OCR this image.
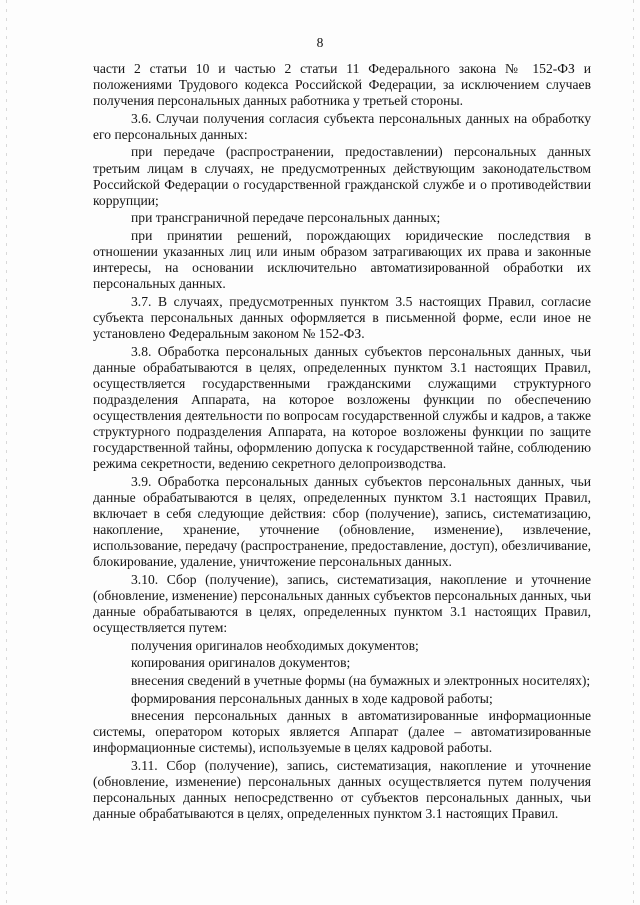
8

части 2 статьи 10 и частью 2 статьи 11 Федерального закона № 152-ФЗ и положениями Трудового кодекса Российской Федерации, за исключением случаев получения персональных данных работника у третьей стороны.

3.6. Случаи получения согласия субъекта персональных данных на обработку его персональных данных:

при передаче (распространении, предоставлении) персональных данных третьим лицам в случаях, не предусмотренных действующим законодательством Российской Федерации о государственной гражданской службе и о противодействии коррупции;

при трансграничной передаче персональных данных;

при принятии решений, порождающих юридические последствия в отношении указанных лиц или иным образом затрагивающих их права и законные интересы, на основании исключительно автоматизированной обработки их персональных данных.

3.7. В случаях, предусмотренных пунктом 3.5 настоящих Правил, согласие субъекта персональных данных оформляется в письменной форме, если иное не установлено Федеральным законом № 152-ФЗ.

3.8. Обработка персональных данных субъектов персональных данных, чьи данные обрабатываются в целях, определенных пунктом 3.1 настоящих Правил, осуществляется государственными гражданскими служащими структурного подразделения Аппарата, на которое возложены функции по обеспечению осуществления деятельности по вопросам государственной службы и кадров, а также структурного подразделения Аппарата, на которое возложены функции по защите государственной тайны, оформлению допуска к государственной тайне, соблюдению режима секретности, ведению секретного делопроизводства.

3.9. Обработка персональных данных субъектов персональных данных, чьи данные обрабатываются в целях, определенных пунктом 3.1 настоящих Правил, включает в себя следующие действия: сбор (получение), запись, систематизацию, накопление, хранение, уточнение (обновление, изменение), извлечение, использование, передачу (распространение, предоставление, доступ), обезличивание, блокирование, удаление, уничтожение персональных данных.

3.10. Сбор (получение), запись, систематизация, накопление и уточнение (обновление, изменение) персональных данных субъектов персональных данных, чьи данные обрабатываются в целях, определенных пунктом 3.1 настоящих Правил, осуществляется путем:

получения оригиналов необходимых документов;

копирования оригиналов документов;

внесения сведений в учетные формы (на бумажных и электронных носителях);

формирования персональных данных в ходе кадровой работы;

внесения персональных данных в автоматизированные информационные системы, оператором которых является Аппарат (далее – автоматизированные информационные системы), используемые в целях кадровой работы.

3.11. Сбор (получение), запись, систематизация, накопление и уточнение (обновление, изменение) персональных данных осуществляется путем получения персональных данных непосредственно от субъектов персональных данных, чьи данные обрабатываются в целях, определенных пунктом 3.1 настоящих Правил.
